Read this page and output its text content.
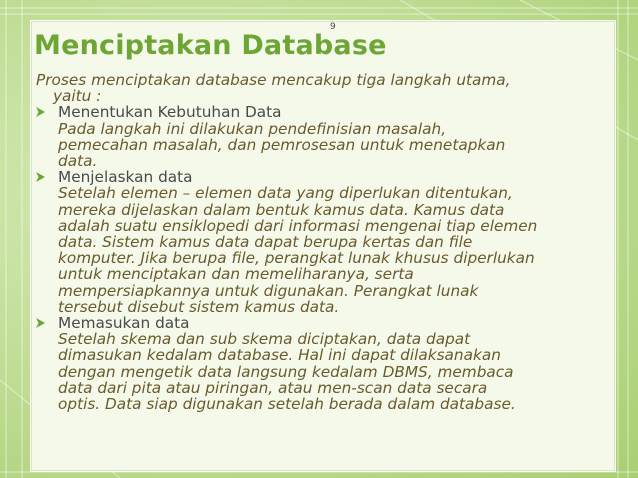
9
Menciptakan Database
Proses menciptakan database mencakup tiga langkah utama,
yaitu :
Menentukan Kebutuhan Data
Pada langkah ini dilakukan pendefinisian masalah,
pemecahan masalah, dan pemrosesan untuk menetapkan
data.
Menjelaskan data
Setelah elemen – elemen data yang diperlukan ditentukan,
mereka dijelaskan dalam bentuk kamus data. Kamus data
adalah suatu ensiklopedi dari informasi mengenai tiap elemen
data. Sistem kamus data dapat berupa kertas dan file
komputer. Jika berupa file, perangkat lunak khusus diperlukan
untuk menciptakan dan memeliharanya, serta
mempersiapkannya untuk digunakan. Perangkat lunak
tersebut disebut sistem kamus data.
Memasukan data
Setelah skema dan sub skema diciptakan, data dapat
dimasukan kedalam database. Hal ini dapat dilaksanakan
dengan mengetik data langsung kedalam DBMS, membaca
data dari pita atau piringan, atau men-scan data secara
optis. Data siap digunakan setelah berada dalam database.
